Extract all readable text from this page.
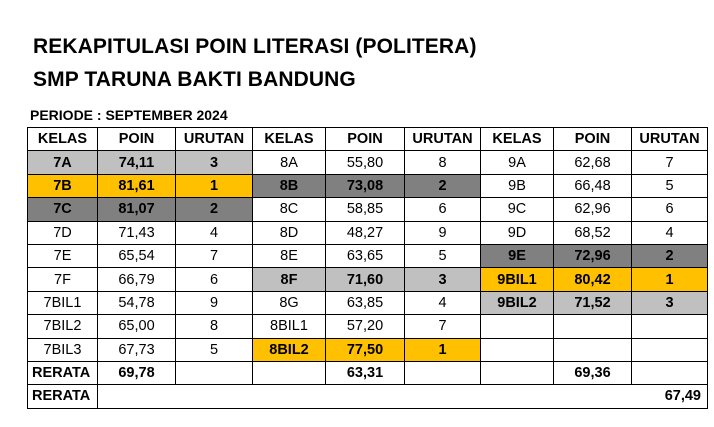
REKAPITULASI POIN LITERASI (POLITERA)
SMP TARUNA BAKTI BANDUNG
PERIODE : SEPTEMBER 2024
KELAS	POIN	URUTAN	KELAS	POIN	URUTAN	KELAS	POIN	URUTAN
7A	74,11	3	8A	55,80	8	9A	62,68	7
7B	81,61	1	8B	73,08	2	9B	66,48	5
7C	81,07	2	8C	58,85	6	9C	62,96	6
7D	71,43	4	8D	48,27	9	9D	68,52	4
7E	65,54	7	8E	63,65	5	9E	72,96	2
7F	66,79	6	8F	71,60	3	9BIL1	80,42	1
7BIL1	54,78	9	8G	63,85	4	9BIL2	71,52	3
7BIL2	65,00	8	8BIL1	57,20	7			
7BIL3	67,73	5	8BIL2	77,50	1			
RERATA	69,78			63,31			69,36	
RERATA	67,49							
